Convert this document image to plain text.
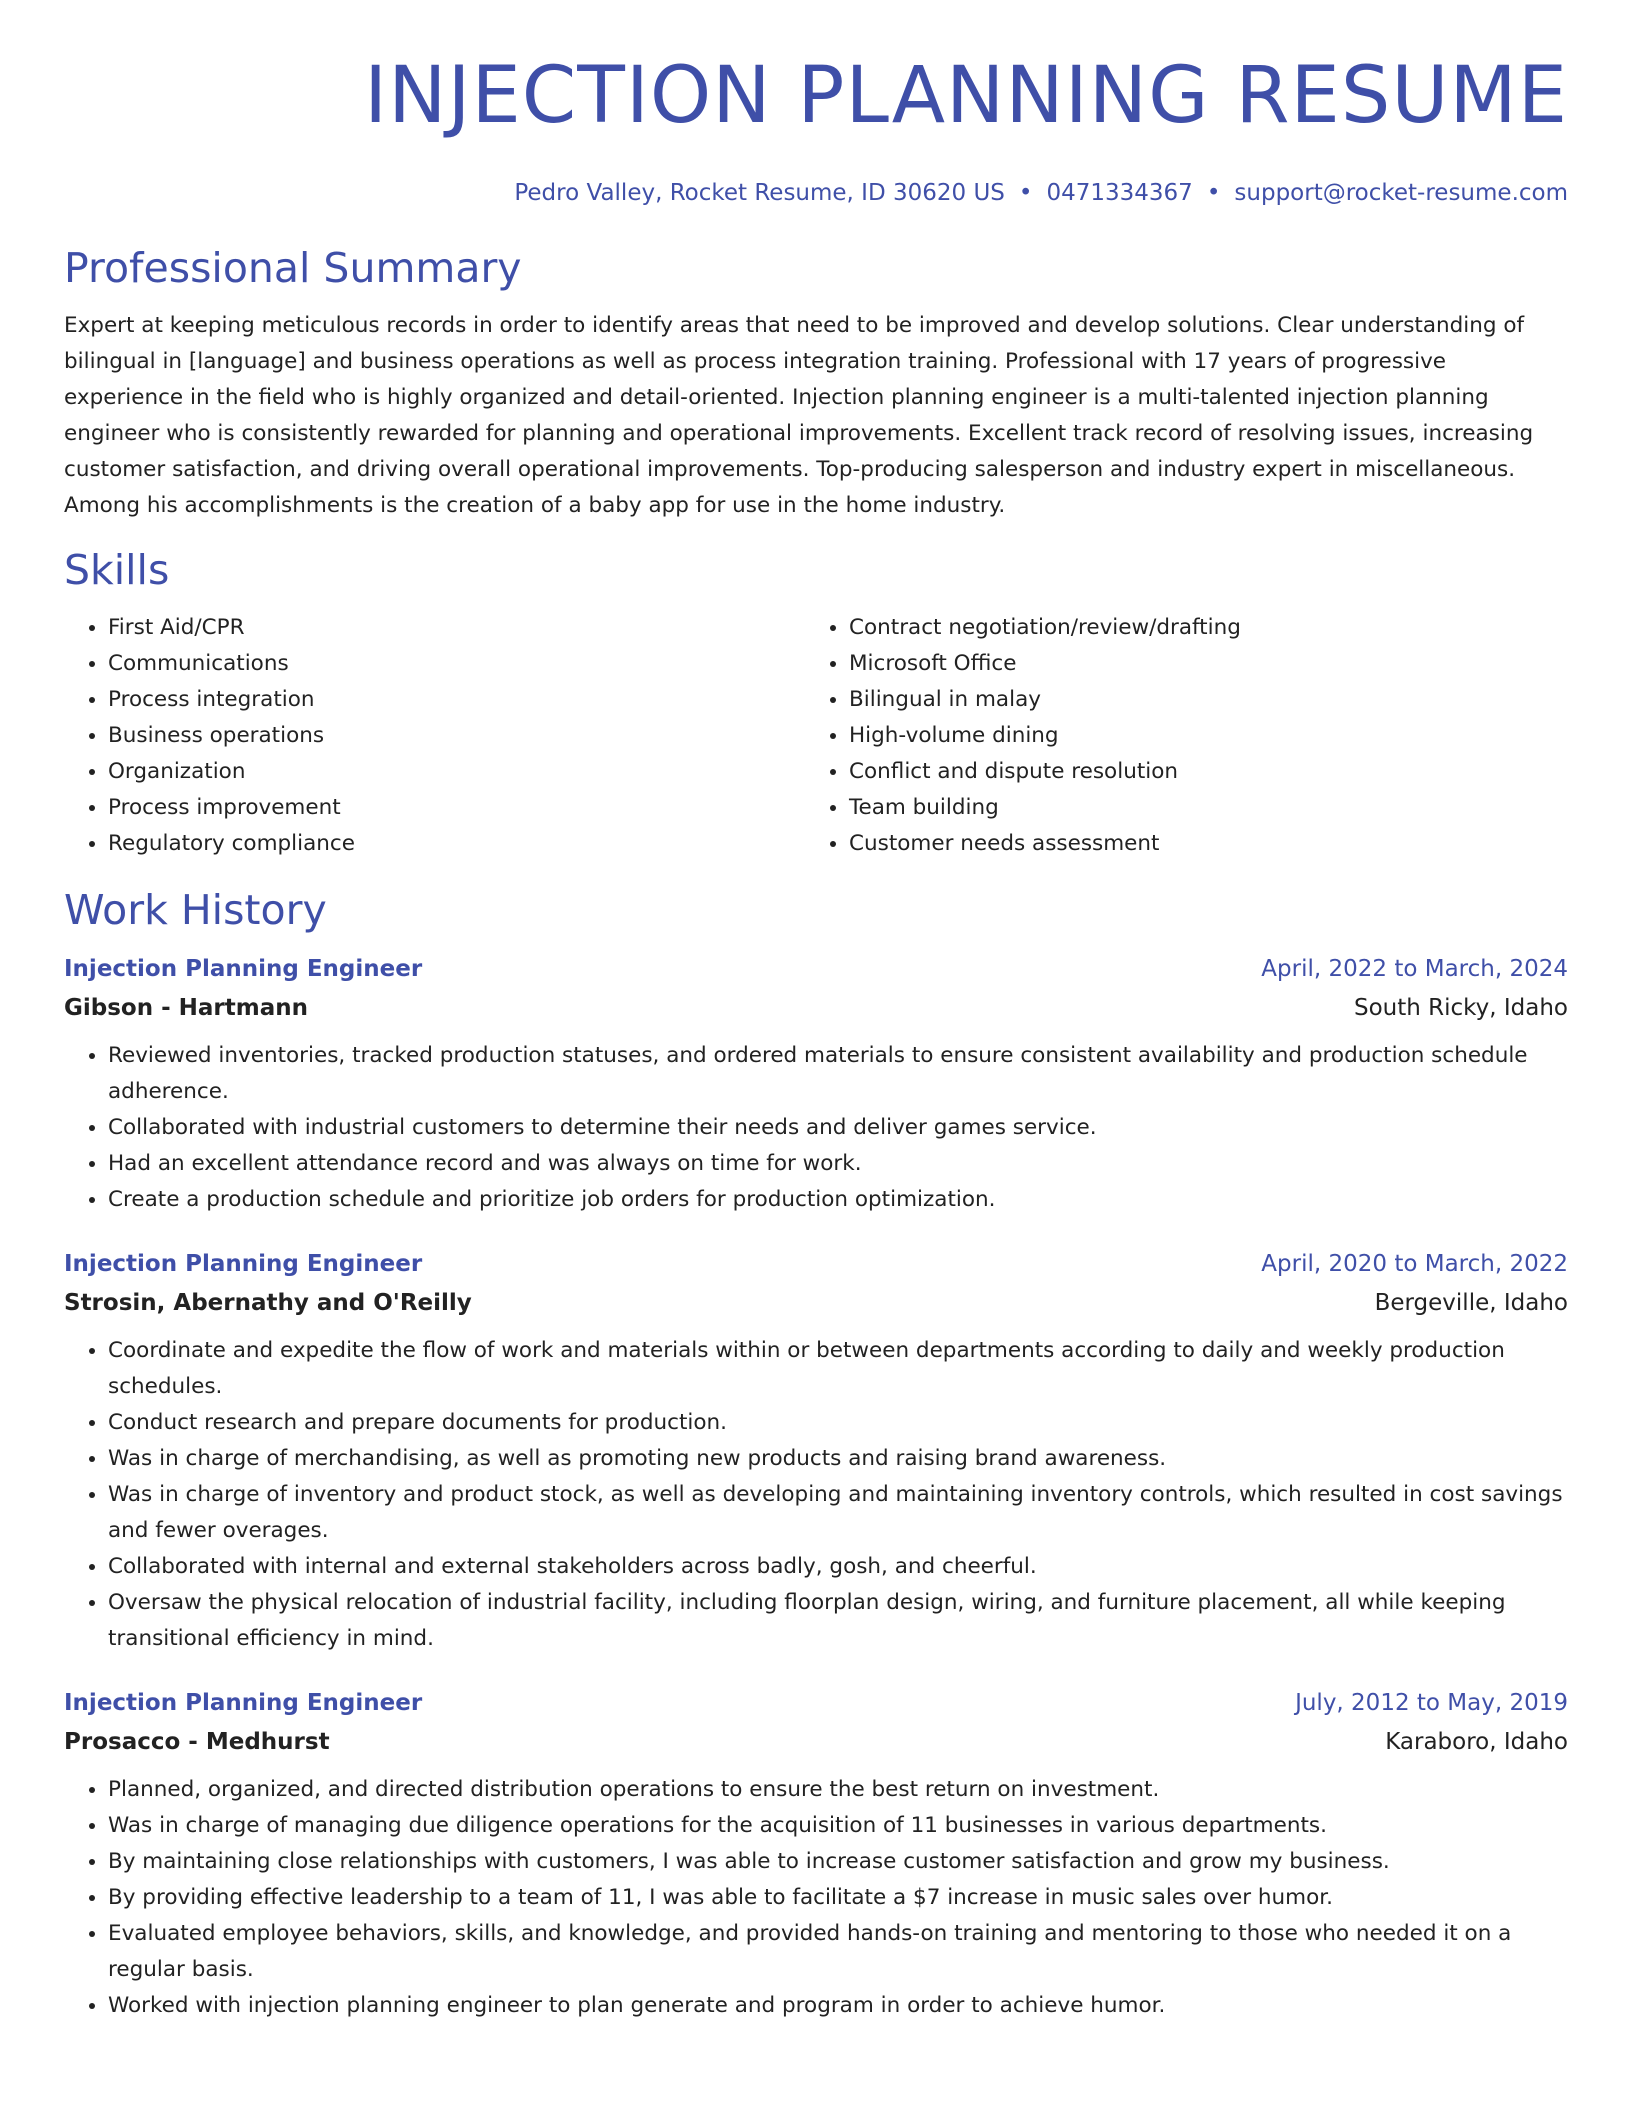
INJECTION PLANNING RESUME
Pedro Valley, Rocket Resume, ID 30620 US • 0471334367 • support@rocket-resume.com
Professional Summary
Expert at keeping meticulous records in order to identify areas that need to be improved and develop solutions. Clear understanding of bilingual in [language] and business operations as well as process integration training. Professional with 17 years of progressive experience in the field who is highly organized and detail-oriented. Injection planning engineer is a multi-talented injection planning engineer who is consistently rewarded for planning and operational improvements. Excellent track record of resolving issues, increasing customer satisfaction, and driving overall operational improvements. Top-producing salesperson and industry expert in miscellaneous. Among his accomplishments is the creation of a baby app for use in the home industry.
Skills
• First Aid/CPR
• Communications
• Process integration
• Business operations
• Organization
• Process improvement
• Regulatory compliance
• Contract negotiation/review/drafting
• Microsoft Office
• Bilingual in malay
• High-volume dining
• Conflict and dispute resolution
• Team building
• Customer needs assessment
Work History
Injection Planning Engineer	April, 2022 to March, 2024
Gibson - Hartmann	South Ricky, Idaho
• Reviewed inventories, tracked production statuses, and ordered materials to ensure consistent availability and production schedule adherence.
• Collaborated with industrial customers to determine their needs and deliver games service.
• Had an excellent attendance record and was always on time for work.
• Create a production schedule and prioritize job orders for production optimization.
Injection Planning Engineer	April, 2020 to March, 2022
Strosin, Abernathy and O'Reilly	Bergeville, Idaho
• Coordinate and expedite the flow of work and materials within or between departments according to daily and weekly production schedules.
• Conduct research and prepare documents for production.
• Was in charge of merchandising, as well as promoting new products and raising brand awareness.
• Was in charge of inventory and product stock, as well as developing and maintaining inventory controls, which resulted in cost savings and fewer overages.
• Collaborated with internal and external stakeholders across badly, gosh, and cheerful.
• Oversaw the physical relocation of industrial facility, including floorplan design, wiring, and furniture placement, all while keeping transitional efficiency in mind.
Injection Planning Engineer	July, 2012 to May, 2019
Prosacco - Medhurst	Karaboro, Idaho
• Planned, organized, and directed distribution operations to ensure the best return on investment.
• Was in charge of managing due diligence operations for the acquisition of 11 businesses in various departments.
• By maintaining close relationships with customers, I was able to increase customer satisfaction and grow my business.
• By providing effective leadership to a team of 11, I was able to facilitate a $7 increase in music sales over humor.
• Evaluated employee behaviors, skills, and knowledge, and provided hands-on training and mentoring to those who needed it on a regular basis.
• Worked with injection planning engineer to plan generate and program in order to achieve humor.
